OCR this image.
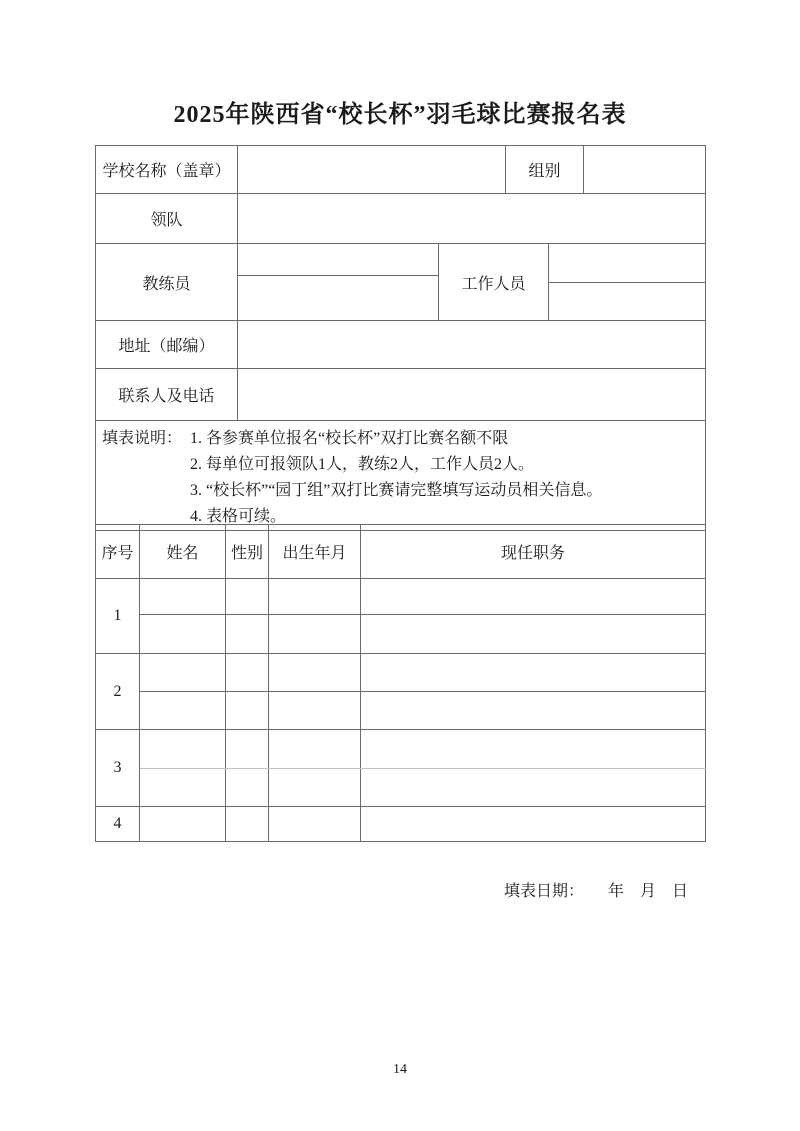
2025年陕西省“校长杯”羽毛球比赛报名表
学校名称（盖章）			组别		
领队					
教练员		工作人员			

地址（邮编）					
联系人及电话					

填表说明： 1. 各参赛单位报名“校长杯”双打比赛名额不限
2. 每单位可报领队1人，教练2人，工作人员2人。
3. “校长杯”“园丁组”双打比赛请完整填写运动员相关信息。
4. 表格可续。					
序号	姓名	性别	出生年月	现任职务
1				

2				

3				

4				
填表日期： 年 月 日
14
